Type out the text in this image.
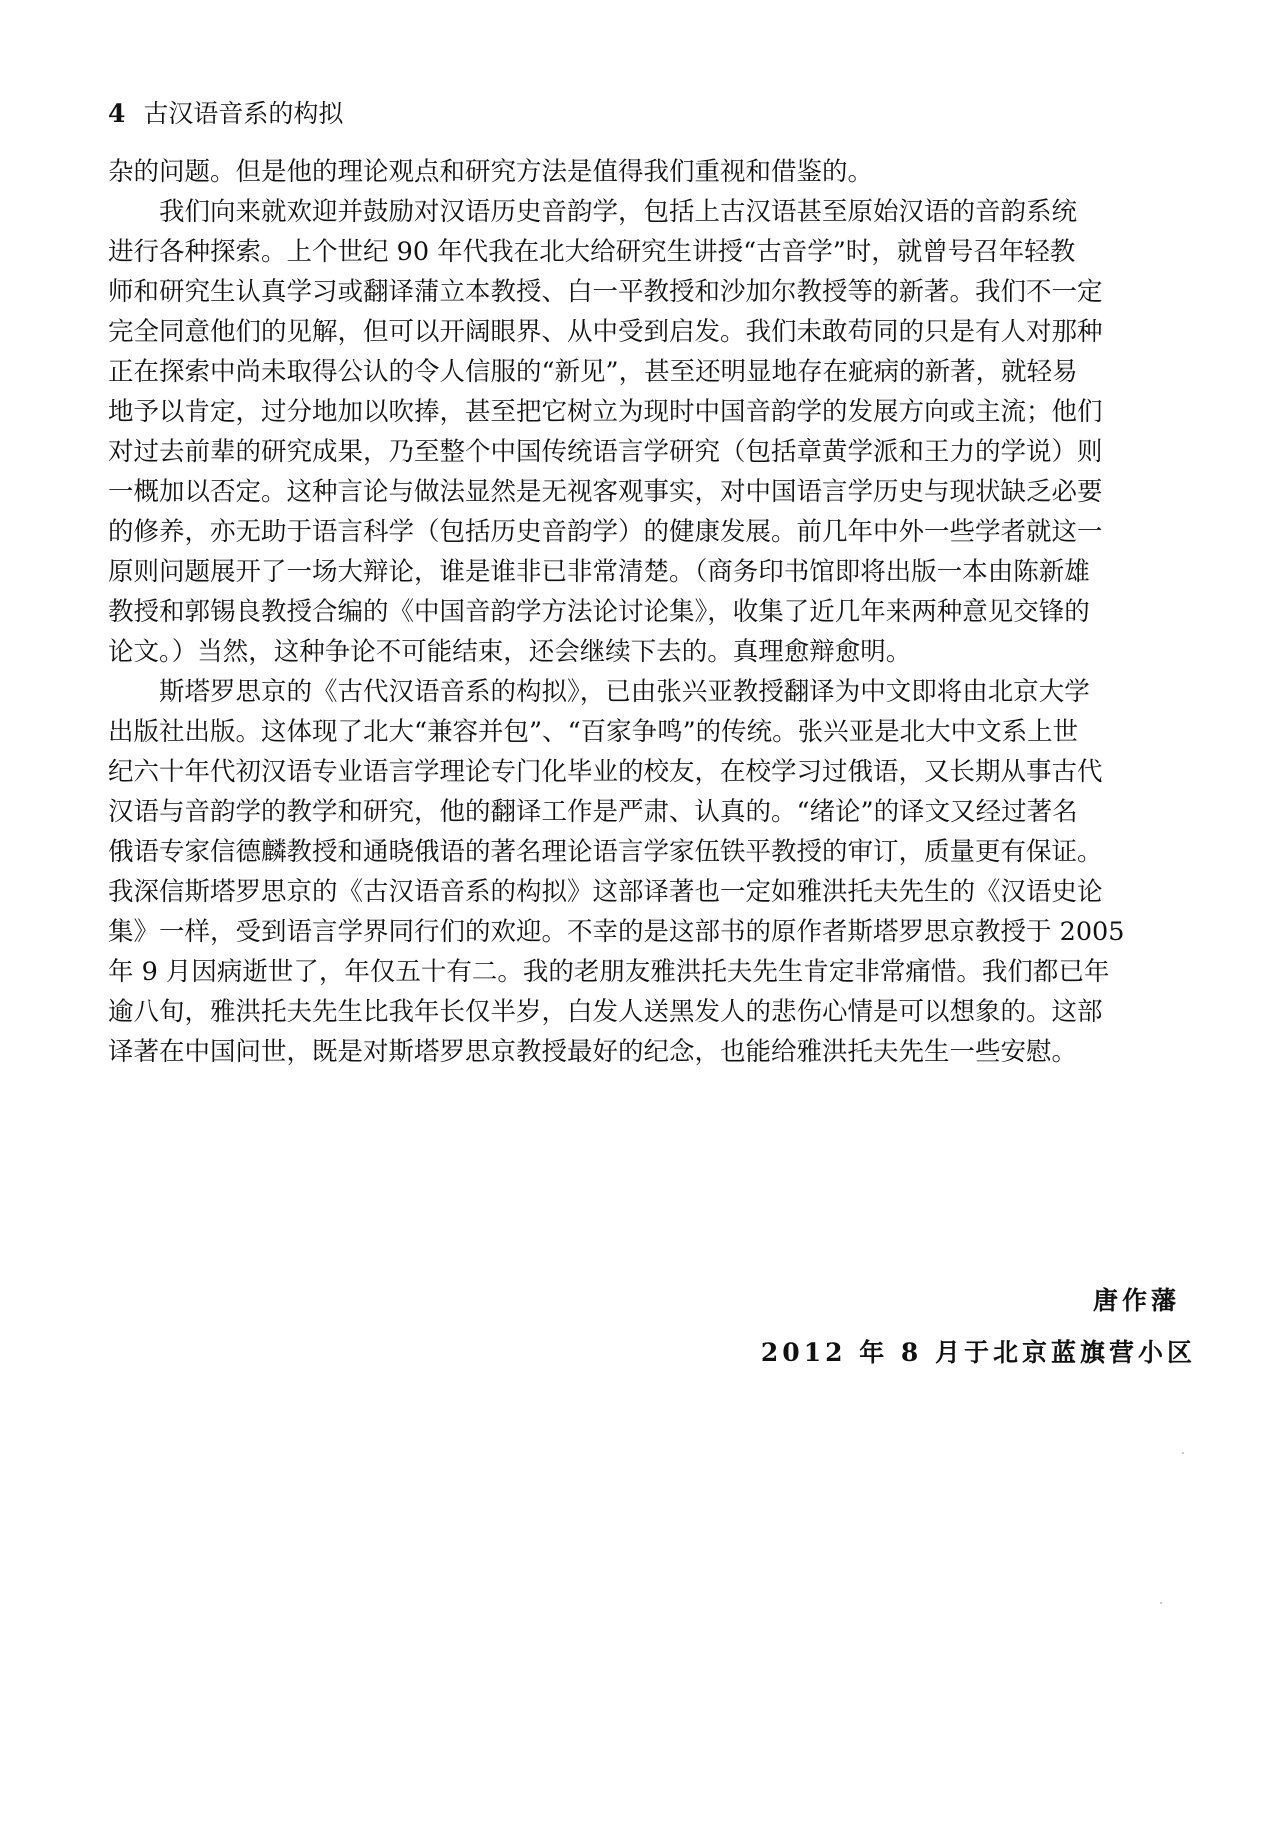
4 古汉语音系的构拟
杂的问题。但是他的理论观点和研究方法是值得我们重视和借鉴的。
　　我们向来就欢迎并鼓励对汉语历史音韵学，包括上古汉语甚至原始汉语的音韵系统
进行各种探索。上个世纪 90 年代我在北大给研究生讲授“古音学”时，就曾号召年轻教
师和研究生认真学习或翻译蒲立本教授、白一平教授和沙加尔教授等的新著。我们不一定
完全同意他们的见解，但可以开阔眼界、从中受到启发。我们未敢苟同的只是有人对那种
正在探索中尚未取得公认的令人信服的“新见”，甚至还明显地存在疵病的新著，就轻易
地予以肯定，过分地加以吹捧，甚至把它树立为现时中国音韵学的发展方向或主流；他们
对过去前辈的研究成果，乃至整个中国传统语言学研究（包括章黄学派和王力的学说）则
一概加以否定。这种言论与做法显然是无视客观事实，对中国语言学历史与现状缺乏必要
的修养，亦无助于语言科学（包括历史音韵学）的健康发展。前几年中外一些学者就这一
原则问题展开了一场大辩论，谁是谁非已非常清楚。（商务印书馆即将出版一本由陈新雄
教授和郭锡良教授合编的《中国音韵学方法论讨论集》，收集了近几年来两种意见交锋的
论文。）当然，这种争论不可能结束，还会继续下去的。真理愈辩愈明。
　　斯塔罗思京的《古代汉语音系的构拟》，已由张兴亚教授翻译为中文即将由北京大学
出版社出版。这体现了北大“兼容并包”、“百家争鸣”的传统。张兴亚是北大中文系上世
纪六十年代初汉语专业语言学理论专门化毕业的校友，在校学习过俄语，又长期从事古代
汉语与音韵学的教学和研究，他的翻译工作是严肃、认真的。“绪论”的译文又经过著名
俄语专家信德麟教授和通晓俄语的著名理论语言学家伍铁平教授的审订，质量更有保证。
我深信斯塔罗思京的《古汉语音系的构拟》这部译著也一定如雅洪托夫先生的《汉语史论
集》一样，受到语言学界同行们的欢迎。不幸的是这部书的原作者斯塔罗思京教授于 2005
年 9 月因病逝世了，年仅五十有二。我的老朋友雅洪托夫先生肯定非常痛惜。我们都已年
逾八旬，雅洪托夫先生比我年长仅半岁，白发人送黑发人的悲伤心情是可以想象的。这部
译著在中国问世，既是对斯塔罗思京教授最好的纪念，也能给雅洪托夫先生一些安慰。
唐作藩
2012 年 8 月于北京蓝旗营小区
